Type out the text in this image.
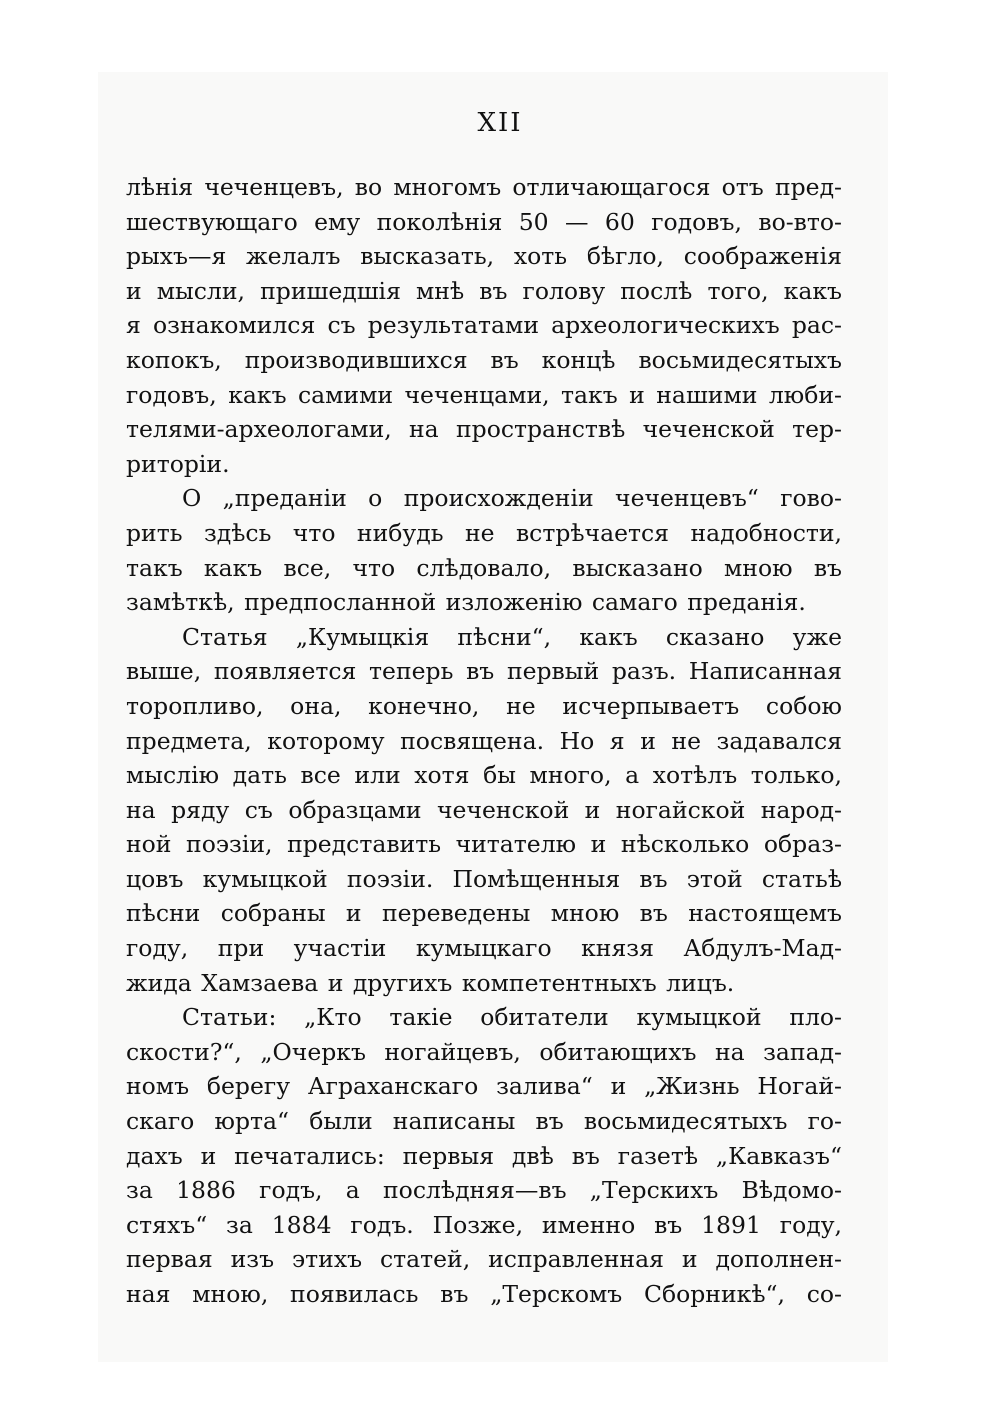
XII
лѣнія чеченцевъ, во многомъ отличающагося отъ пред-
шествующаго ему поколѣнія 50 — 60 годовъ, во-вто-
рыхъ—я желалъ высказать, хоть бѣгло, соображенія
и мысли, пришедшія мнѣ въ голову послѣ того, какъ
я ознакомился съ результатами археологическихъ рас-
копокъ, производившихся въ концѣ восьмидесятыхъ
годовъ, какъ самими чеченцами, такъ и нашими люби-
телями-археологами, на пространствѣ чеченской тер-
риторіи.
О „преданіи о происхожденіи чеченцевъ“ гово-
рить здѣсь что нибудь не встрѣчается надобности,
такъ какъ все, что слѣдовало, высказано мною въ
замѣткѣ, предпосланной изложенію самаго преданія.
Статья „Кумыцкія пѣсни“, какъ сказано уже
выше, появляется теперь въ первый разъ. Написанная
торопливо, она, конечно, не исчерпываетъ собою
предмета, которому посвящена. Но я и не задавался
мыслію дать все или хотя бы много, а хотѣлъ только,
на ряду съ образцами чеченской и ногайской народ-
ной поэзіи, представить читателю и нѣсколько образ-
цовъ кумыцкой поэзіи. Помѣщенныя въ этой статьѣ
пѣсни собраны и переведены мною въ настоящемъ
году, при участіи кумыцкаго князя Абдулъ-Мад-
жида Хамзаева и другихъ компетентныхъ лицъ.
Статьи: „Кто такіе обитатели кумыцкой пло-
скости?“, „Очеркъ ногайцевъ, обитающихъ на запад-
номъ берегу Аграханскаго залива“ и „Жизнь Ногай-
скаго юрта“ были написаны въ восьмидесятыхъ го-
дахъ и печатались: первыя двѣ въ газетѣ „Кавказъ“
за 1886 годъ, а послѣдняя—въ „Терскихъ Вѣдомо-
стяхъ“ за 1884 годъ. Позже, именно въ 1891 году,
первая изъ этихъ статей, исправленная и дополнен-
ная мною, появилась въ „Терскомъ Сборникѣ“, со-
